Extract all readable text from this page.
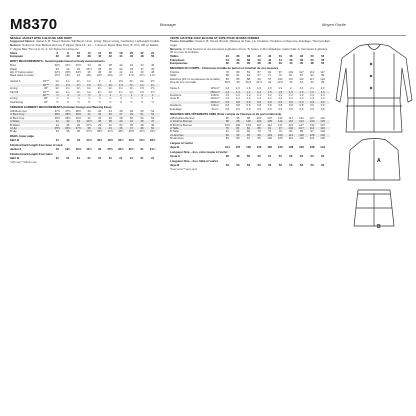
M8370	Bosnage	Moyen Facile
NESSLE JACKET WITH A BLOUSE AND SKIRT
Suggested fabrics: Jacket A, B: Tweed, Boucle, Silk Blend, Linen, Lining: Rayon Lining, Interfacing: Lightweight Fusible.
Notions: Notions A: Five Buttons and one 9" Zipper (Size 14 - 24 — 1 Sew-on Zipper Bias Trim). B: Trim, 3/8 yd. Elastic, 1" Zipper Bias Trim (A to C). A: 12" Zipper for Lining etc.
Sizes	6	8	10	12	14	16	18	20	22	24
European	32	34	36	38	40	42	44	46	48	50
BODY MEASUREMENTS - General guide based on body measurements
Bust	30½	31½	32½	34	36	38	40	42	44	46
Waist	23	24	25	26½	28	30	32	34	37	39
Hip 9" below waist	32½	33½	34½	36	38	40	42	44	46	48
Back waist to waist	15½	15¾	16	16¼	16½	16¾	17	17¼	17½	17¾
Jacket A	45"**	1¾	1¾	1¾	1¾	2	2	2⅛	2¼	2¼	2½
60"**	1½	1½	1½	1½	1⅝	1⅝	1⅝	1¾	1¾	1¾
Lining	45"	1¼	1¼	1¼	1¼	1¼	1¼	1¼	1¼	1½	1½
Skirt B	45"**	1¼	1¼	1¼	1¼	1¼	1¼	1¼	1¼	1½	1½
60"**	⅞	⅞	⅞	⅞	⅞	1	1	1	1	1
Lining	45"	⅞	⅞	⅞	⅞	⅞	⅞	⅞	⅞	1	1
Interfacing	20"	½	½	½	½	½	½	½	½	½	½
FINISHED GARMENT MEASUREMENTS (Includes Design and Wearing Ease)
A/B Bust Cup	37½	37½	38½	40	42	44	46	48	50	52
C Bust Cup	38½	38½	39½	41	43	45	47	49	51	53
D Bust Cup	39½	39½	40½	42	44	46	48	50	52	54
A Waist	31	32	33	34½	36	38	40	42	45	47
B Waist	24	25	26	27½	29	31	33	35	38	40
A Hip	35½	36½	37½	39	41	43	45	47	49	51
B Hip	34	35	36	37½	39½	41½	43½	45½	47½	49½
Width, lower edge
Skirt B	41	42	43	44½	46½	48½	50½	52½	54½	56½
Finished back length from base of neck
Jacket A	19	19¼	19½	19¾	20	20¼	20½	20¾	21	21¼
Finished back length from waist
Skirt B	21	21	21	21	21	21	21	21	21	21
*with nap **without nap
VESTE AJUSTÉE AVEC BLOUSE ET JUPE POUR JEUNES FEMMES
Tissus Conseillés: Veste A, B: Tweed, Bouclé, Mélange de Soie, Lin. Doublure: Doublure en Rayonne. Entoilage: Thermocollant Léger.
Mercerie: A: Cinq boutons et une fermeture à glissière 23 cm. B: Galon, 0,40 m Élastique, Galon biais. A: Fermeture à glissière 30 cm pour la doublure.
Tailles	34	36	38	40	42	44	46	48	50	52
Françaises	34	36	38	40	42	44	46	48	50	52
Européennes	32	34	36	38	40	42	44	46	48	50
MESURES DU CORPS - Choisissez la taille du patron en fonction de vos mesures
Poitrine	78	80	83	87	92	97	102	107	112	117
Taille	58	61	64	67	71	76	81	87	94	99
Hanches (23 cm au-dessous de la taille)	83	85	88	92	97	102	107	112	117	122
Dos-du cou à la taille	39,5	40	40,5	41,5	42	42,5	43	44	44	45
Veste A	115cm*	1,6	1,6	1,6	1,6	1,9	1,9	2	2,1	2,1	2,3
150cm*	1,4	1,4	1,4	1,4	1,5	1,5	1,5	1,6	1,6	1,6
Doublure	115cm	1,2	1,2	1,2	1,2	1,2	1,2	1,2	1,2	1,4	1,4
Jupe B	115cm*	1,2	1,2	1,2	1,2	1,2	1,2	1,2	1,2	1,4	1,4
150cm*	0,8	0,8	0,8	0,8	0,8	0,9	0,9	0,9	0,9	0,9
Doublure	115cm	0,8	0,8	0,8	0,8	0,8	0,8	0,8	0,8	0,9	0,9
Entoilage	51cm	0,5	0,5	0,5	0,5	0,5	0,5	0,5	0,5	0,5	0,5
MESURES DES VÊTEMENTS FINIS (Tenir compte de l'aisance et du port-rembourré)
A/B Poitrine Bonnet	95	95	98	102	107	112	117	122	127	132
C Poitrine Bonnet	98	98	100	104	109	114	119	124	130	135
D Poitrine Bonnet	100	100	103	107	112	117	122	127	132	137
A Taille	79	81	84	88	91	97	102	107	114	119
B Taille	61	64	66	70	74	79	84	89	97	102
A Hanches	90	93	95	99	104	109	114	119	124	130
B Hanches	86	89	91	95	100	105	110	116	121	126
Largeur à l'ourlet
Jupe B	104	107	109	113	118	123	128	133	138	144
Longueur finie – dos, votre nuque à l'ourlet
Veste A	48	49	50	50	51	51	52	53	53	54
Longueur finie – dos, taille à l'ourlet
Jupe B	53	53	53	53	53	53	53	53	53	53
*avec sens **sans sens
A
B
